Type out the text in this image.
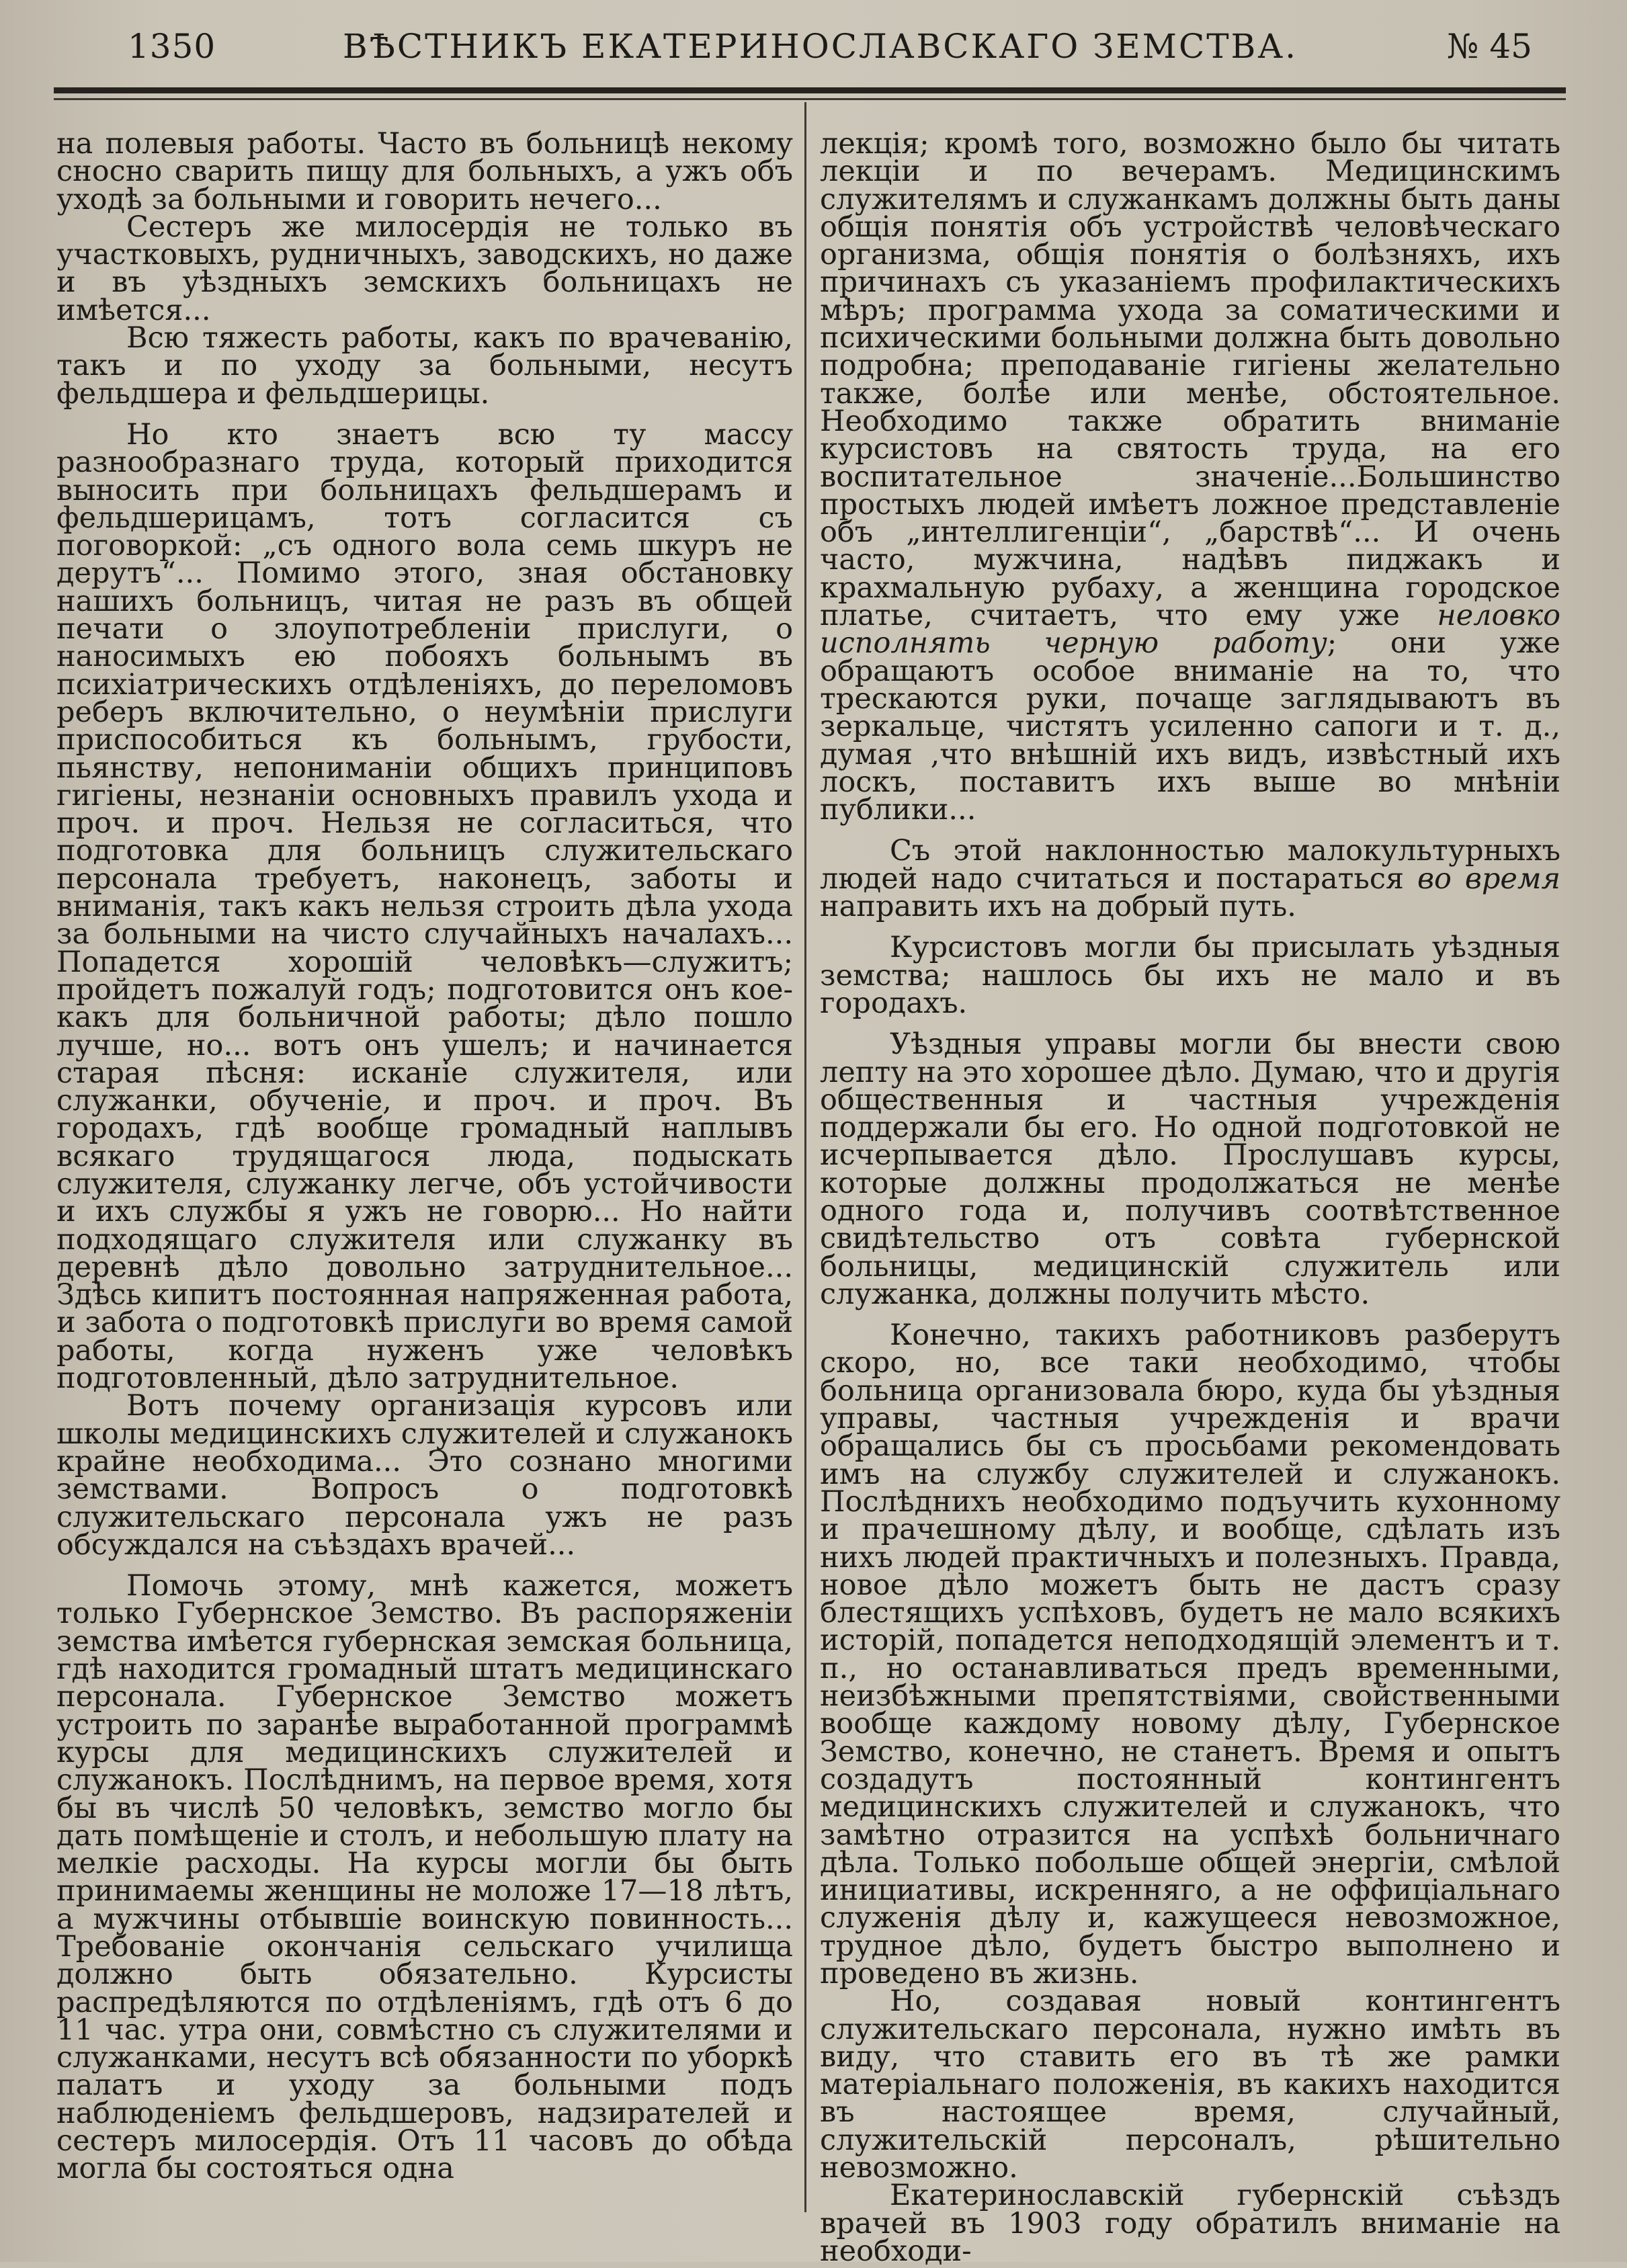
1350	ВѢСТНИКЪ ЕКАТЕРИНОСЛАВСКАГО ЗЕМСТВА.	№ 45

на полевыя работы. Часто въ больницѣ некому сносно сварить пищу для больныхъ, а ужъ объ уходѣ за больными и говорить нечего...

Сестеръ же милосердія не только въ участковыхъ, рудничныхъ, заводскихъ, но даже и въ уѣздныхъ земскихъ больницахъ не имѣется...

Всю тяжесть работы, какъ по врачеванію, такъ и по уходу за больными, несутъ фельдшера и фельдшерицы.

Но кто знаетъ всю ту массу разнообразнаго труда, который приходится выносить при больницахъ фельдшерамъ и фельдшерицамъ, тотъ согласится съ поговоркой: „съ одного вола семь шкуръ не дерутъ“... Помимо этого, зная обстановку нашихъ больницъ, читая не разъ въ общей печати о злоупотребленіи прислуги, о наносимыхъ ею побояхъ больнымъ въ психіатрическихъ отдѣленіяхъ, до переломовъ реберъ включительно, о неумѣніи прислуги приспособиться къ больнымъ, грубости, пьянству, непониманіи общихъ принциповъ гигіены, незнаніи основныхъ правилъ ухода и проч. и проч. Нельзя не согласиться, что подготовка для больницъ служительскаго персонала требуетъ, наконецъ, заботы и вниманія, такъ какъ нельзя строить дѣла ухода за больными на чисто случайныхъ началахъ... Попадется хорошій человѣкъ—служитъ; пройдетъ пожалуй годъ; подготовится онъ кое-какъ для больничной работы; дѣло пошло лучше, но... вотъ онъ ушелъ; и начинается старая пѣсня: исканіе служителя, или служанки, обученіе, и проч. и проч. Въ городахъ, гдѣ вообще громадный наплывъ всякаго трудящагося люда, подыскать служителя, служанку легче, объ устойчивости и ихъ службы я ужъ не говорю... Но найти подходящаго служителя или служанку въ деревнѣ дѣло довольно затруднительное... Здѣсь кипитъ постоянная напряженная работа, и забота о подготовкѣ прислуги во время самой работы, когда нуженъ уже человѣкъ подготовленный, дѣло затруднительное.

Вотъ почему организація курсовъ или школы медицинскихъ служителей и служанокъ крайне необходима... Это сознано многими земствами. Вопросъ о подготовкѣ служительскаго персонала ужъ не разъ обсуждался на съѣздахъ врачей...

Помочь этому, мнѣ кажется, можетъ только Губернское Земство. Въ распоряженіи земства имѣется губернская земская больница, гдѣ находится громадный штатъ медицинскаго персонала. Губернское Земство можетъ устроить по заранѣе выработанной программѣ курсы для медицинскихъ служителей и служанокъ. Послѣднимъ, на первое время, хотя бы въ числѣ 50 человѣкъ, земство могло бы дать помѣщеніе и столъ, и небольшую плату на мелкіе расходы. На курсы могли бы быть принимаемы женщины не моложе 17—18 лѣтъ, а мужчины отбывшіе воинскую повинность... Требованіе окончанія сельскаго училища должно быть обязательно. Курсисты распредѣляются по отдѣленіямъ, гдѣ отъ 6 до 11 час. утра они, совмѣстно съ служителями и служанками, несутъ всѣ обязанности по уборкѣ палатъ и уходу за больными подъ наблюденіемъ фельдшеровъ, надзирателей и сестеръ милосердія. Отъ 11 часовъ до обѣда могла бы состояться одна

лекція; кромѣ того, возможно было бы читать лекціи и по вечерамъ. Медицинскимъ служителямъ и служанкамъ должны быть даны общія понятія объ устройствѣ человѣческаго организма, общія понятія о болѣзняхъ, ихъ причинахъ съ указаніемъ профилактическихъ мѣръ; программа ухода за соматическими и психическими больными должна быть довольно подробна; преподаваніе гигіены желательно также, болѣе или менѣе, обстоятельное. Необходимо также обратить вниманіе курсистовъ на святость труда, на его воспитательное значеніе...Большинство простыхъ людей имѣетъ ложное представленіе объ „интеллигенціи“, „барствѣ“... И очень часто, мужчина, надѣвъ пиджакъ и крахмальную рубаху, а женщина городское платье, считаетъ, что ему уже неловко исполнять черную работу; они уже обращаютъ особое вниманіе на то, что трескаются руки, почаще заглядываютъ въ зеркальце, чистятъ усиленно сапоги и т. д., думая ,что внѣшній ихъ видъ, извѣстный ихъ лоскъ, поставитъ ихъ выше во мнѣніи публики...

Съ этой наклонностью малокультурныхъ людей надо считаться и постараться во время направить ихъ на добрый путь.

Курсистовъ могли бы присылать уѣздныя земства; нашлось бы ихъ не мало и въ городахъ.

Уѣздныя управы могли бы внести свою лепту на это хорошее дѣло. Думаю, что и другія общественныя и частныя учрежденія поддержали бы его. Но одной подготовкой не исчерпывается дѣло. Прослушавъ курсы, которые должны продолжаться не менѣе одного года и, получивъ соотвѣтственное свидѣтельство отъ совѣта губернской больницы, медицинскій служитель или служанка, должны получить мѣсто.

Конечно, такихъ работниковъ разберутъ скоро, но, все таки необходимо, чтобы больница организовала бюро, куда бы уѣздныя управы, частныя учрежденія и врачи обращались бы съ просьбами рекомендовать имъ на службу служителей и служанокъ. Послѣднихъ необходимо подъучить кухонному и прачешному дѣлу, и вообще, сдѣлать изъ нихъ людей практичныхъ и полезныхъ. Правда, новое дѣло можетъ быть не дастъ сразу блестящихъ успѣховъ, будетъ не мало всякихъ исторій, попадется неподходящій элементъ и т. п., но останавливаться предъ временными, неизбѣжными препятствіями, свойственными вообще каждому новому дѣлу, Губернское Земство, конечно, не станетъ. Время и опытъ создадутъ постоянный контингентъ медицинскихъ служителей и служанокъ, что замѣтно отразится на успѣхѣ больничнаго дѣла. Только побольше общей энергіи, смѣлой инициативы, искренняго, а не оффиціальнаго служенія дѣлу и, кажущееся невозможное, трудное дѣло, будетъ быстро выполнено и проведено въ жизнь.

Но, создавая новый контингентъ служительскаго персонала, нужно имѣть въ виду, что ставить его въ тѣ же рамки матеріальнаго положенія, въ какихъ находится въ настоящее время, случайный, служительскій персоналъ, рѣшительно невозможно.

Екатеринославскій губернскій съѣздъ врачей въ 1903 году обратилъ вниманіе на необходи-
